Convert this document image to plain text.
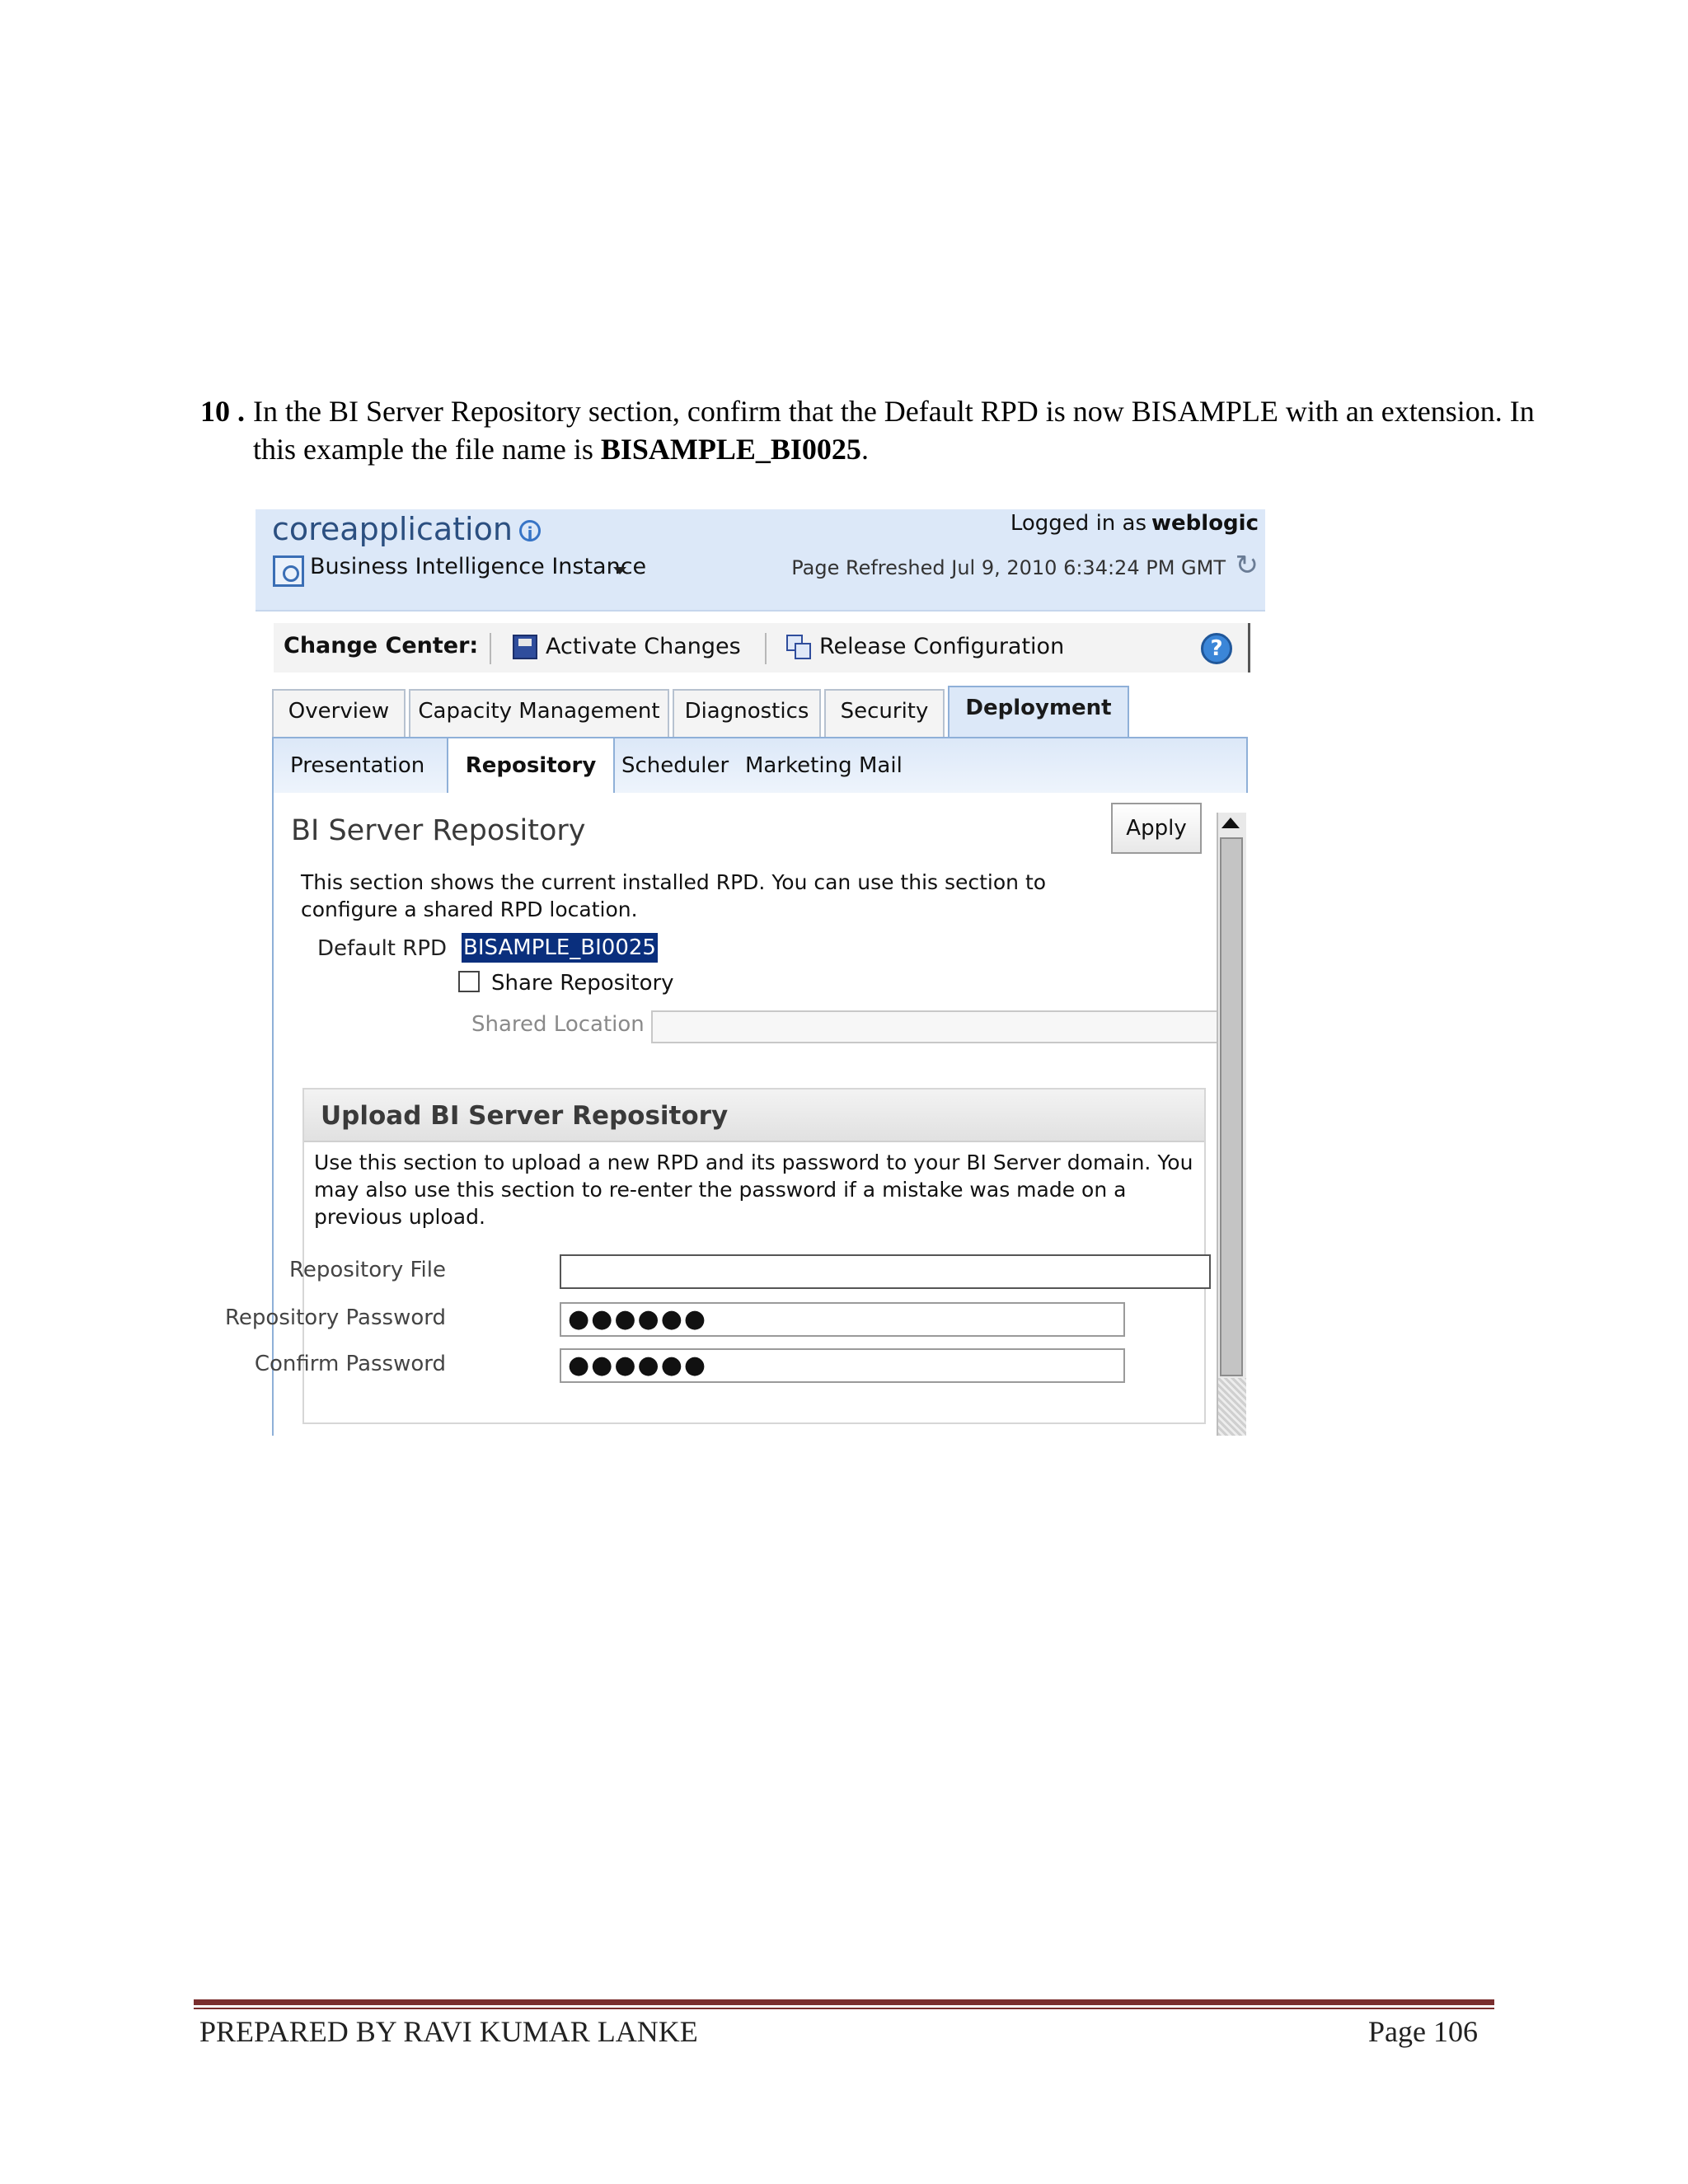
10 . In the BI Server Repository section, confirm that the Default RPD is now BISAMPLE with an extension. In this example the file name is BISAMPLE_BI0025.
coreapplication i
Business Intelligence Instance
Logged in as weblogic
Page Refreshed Jul 9, 2010 6:34:24 PM GMT ↻
Change Center:	Activate Changes	Release Configuration	?
Overview	Capacity Management	Diagnostics	Security	Deployment
Presentation	Repository	Scheduler Marketing Mail
BI Server Repository	Apply
This section shows the current installed RPD. You can use this section to configure a shared RPD location.
Default RPD BISAMPLE_BI0025
Share Repository
Shared Location
Upload BI Server Repository
Use this section to upload a new RPD and its password to your BI Server domain. You may also use this section to re-enter the password if a mistake was made on a previous upload.
Repository File
Repository Password	●●●●●●
Confirm Password	●●●●●●
PREPARED BY RAVI KUMAR LANKE	Page 106
